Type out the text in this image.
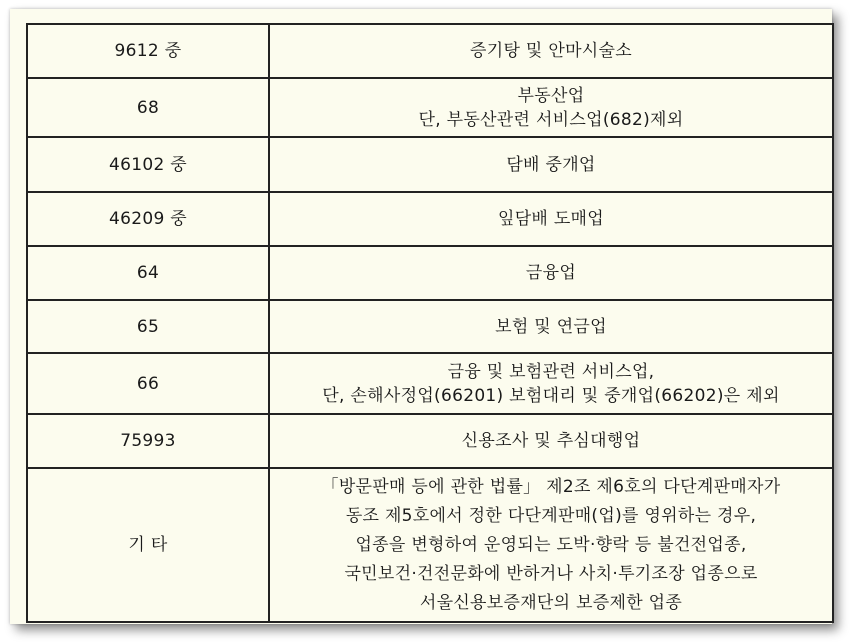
9612 중	증기탕 및 안마시술소

68	부동산업
단, 부동산관련 서비스업(682)제외

46102 중	담배 중개업

46209 중	잎담배 도매업

64	금융업

65	보험 및 연금업

66	금융 및 보험관련 서비스업,
단, 손해사정업(66201) 보험대리 및 중개업(66202)은 제외

75993	신용조사 및 추심대행업

기 타	「방문판매 등에 관한 법률」 제2조 제6호의 다단계판매자가
동조 제5호에서 정한 다단계판매(업)를 영위하는 경우,
업종을 변형하여 운영되는 도박·향락 등 불건전업종,
국민보건·건전문화에 반하거나 사치·투기조장 업종으로
서울신용보증재단의 보증제한 업종
